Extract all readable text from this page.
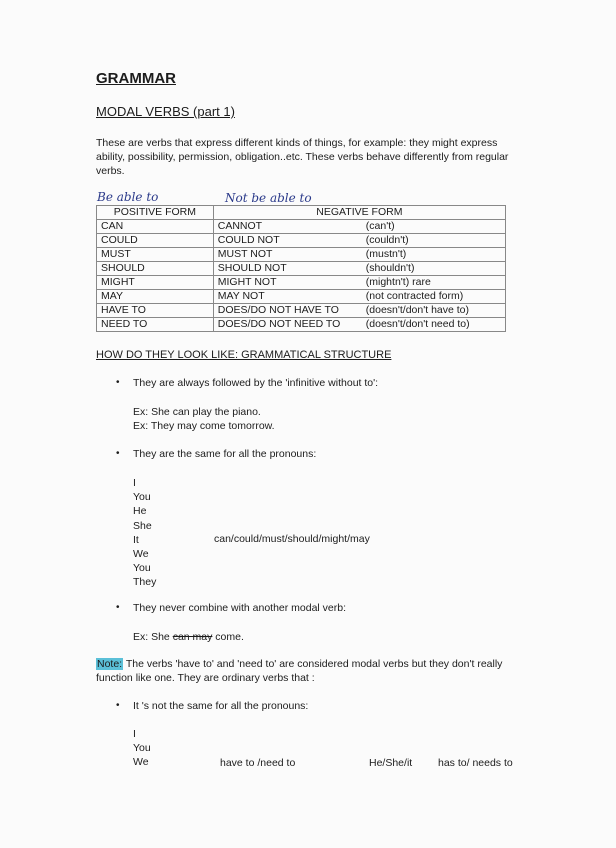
GRAMMAR
MODAL VERBS (part 1)
These are verbs that express different kinds of things, for example: they might express ability, possibility, permission, obligation..etc. These verbs behave differently from regular verbs.
Be able to	Not be able to
POSITIVE FORM	NEGATIVE FORM	
CAN	CANNOT	(can't)
COULD	COULD NOT	(couldn't)
MUST	MUST NOT	(mustn't)
SHOULD	SHOULD NOT	(shouldn't)
MIGHT	MIGHT NOT	(mightn't) rare
MAY	MAY NOT	(not contracted form)
HAVE TO	DOES/DO NOT HAVE TO	(doesn't/don't have to)
NEED TO	DOES/DO NOT NEED TO	(doesn't/don't need to)
HOW DO THEY LOOK LIKE: GRAMMATICAL STRUCTURE
• They are always followed by the 'infinitive without to':
Ex: She can play the piano.
Ex: They may come tomorrow.
• They are the same for all the pronouns:
I
You
He
She
It
We
You
They
can/could/must/should/might/may
• They never combine with another modal verb:
Ex: She can may come.
Note: The verbs 'have to' and 'need to' are considered modal verbs but they don't really function like one. They are ordinary verbs that :
• It 's not the same for all the pronouns:
I
You
We	have to /need to	He/She/it has to/ needs to
